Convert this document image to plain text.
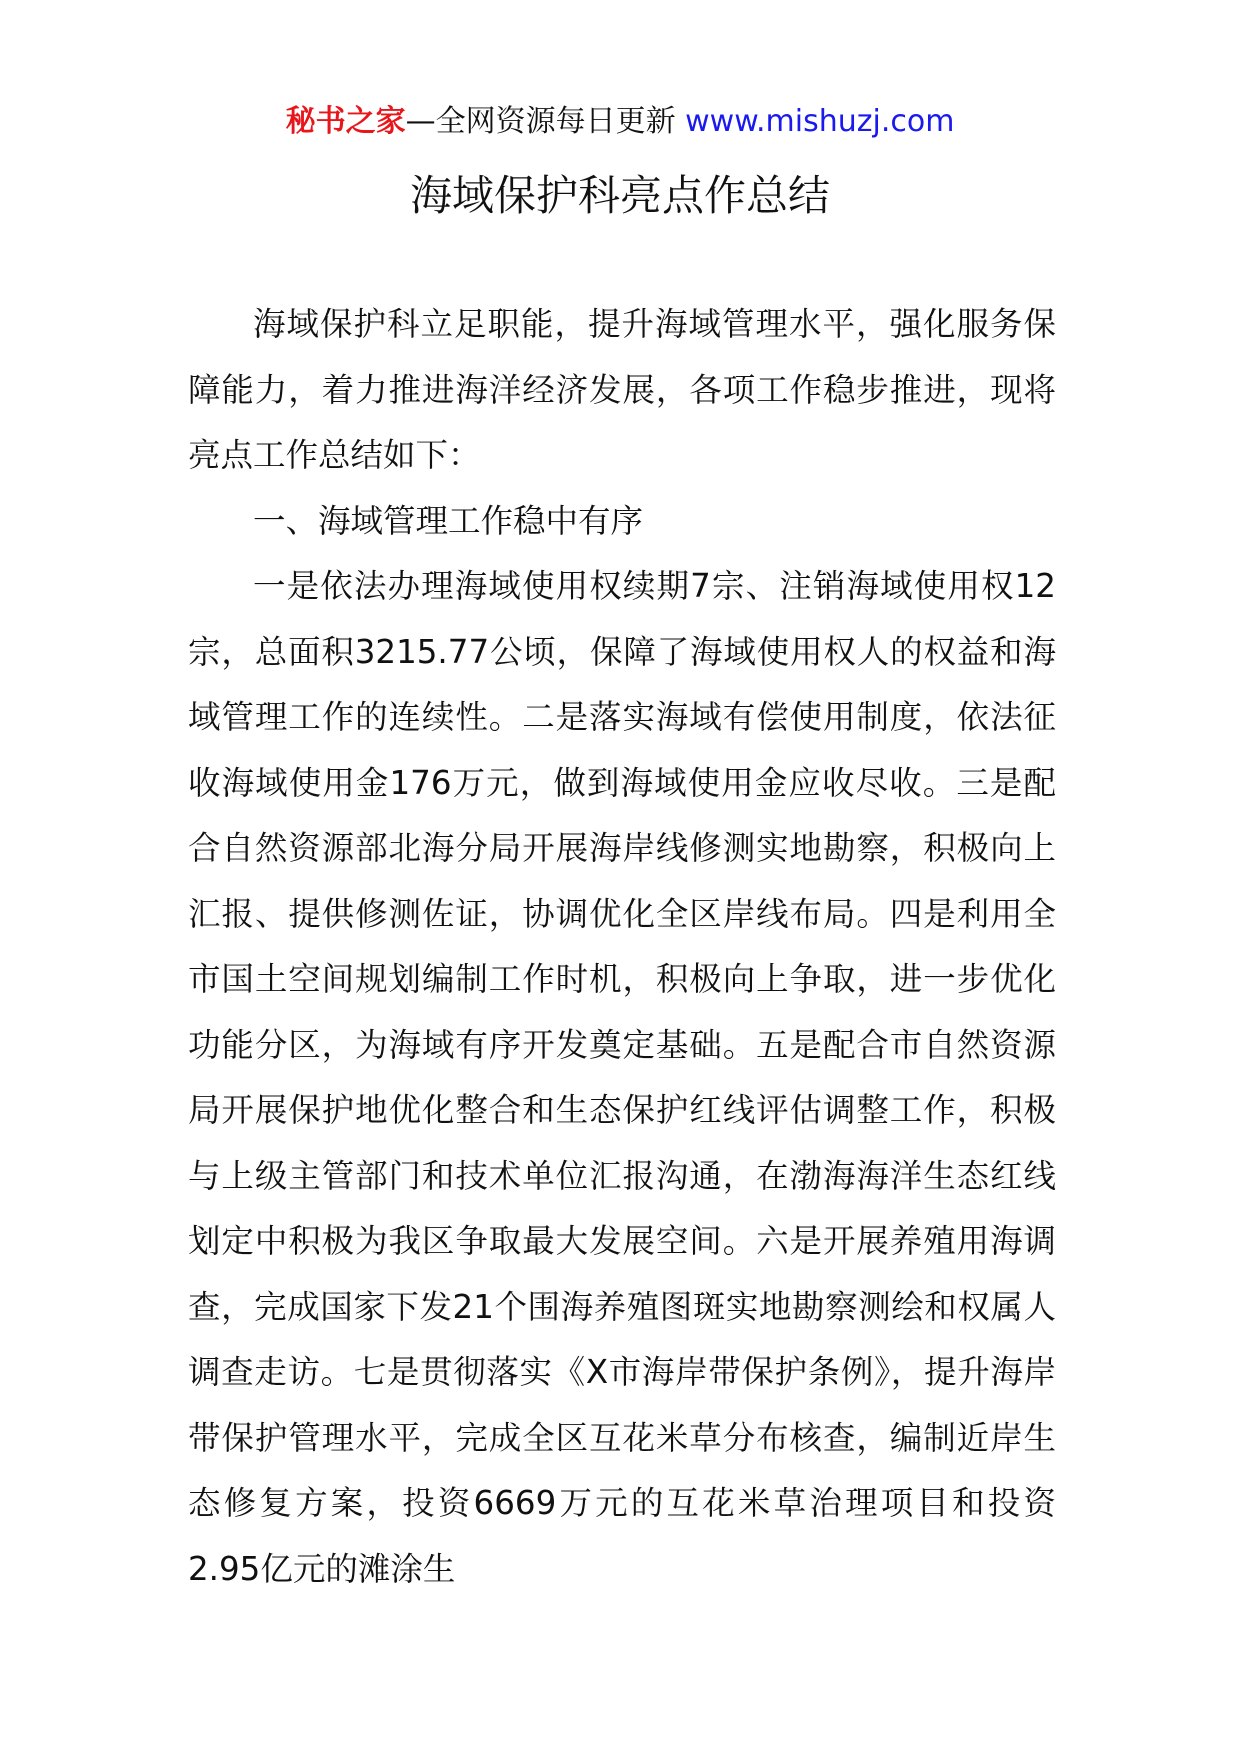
秘书之家—全网资源每日更新 www.mishuzj.com
海域保护科亮点作总结

海域保护科立足职能，提升海域管理水平，强化服务保障能力，着力推进海洋经济发展，各项工作稳步推进，现将亮点工作总结如下：

一、海域管理工作稳中有序

一是依法办理海域使用权续期7宗、注销海域使用权12宗，总面积3215.77公顷，保障了海域使用权人的权益和海域管理工作的连续性。二是落实海域有偿使用制度，依法征收海域使用金176万元，做到海域使用金应收尽收。三是配合自然资源部北海分局开展海岸线修测实地勘察，积极向上汇报、提供修测佐证，协调优化全区岸线布局。四是利用全市国土空间规划编制工作时机，积极向上争取，进一步优化功能分区，为海域有序开发奠定基础。五是配合市自然资源局开展保护地优化整合和生态保护红线评估调整工作，积极与上级主管部门和技术单位汇报沟通，在渤海海洋生态红线划定中积极为我区争取最大发展空间。六是开展养殖用海调查，完成国家下发21个围海养殖图斑实地勘察测绘和权属人调查走访。七是贯彻落实《X市海岸带保护条例》，提升海岸带保护管理水平，完成全区互花米草分布核查，编制近岸生态修复方案，投资6669万元的互花米草治理项目和投资2.95亿元的滩涂生
